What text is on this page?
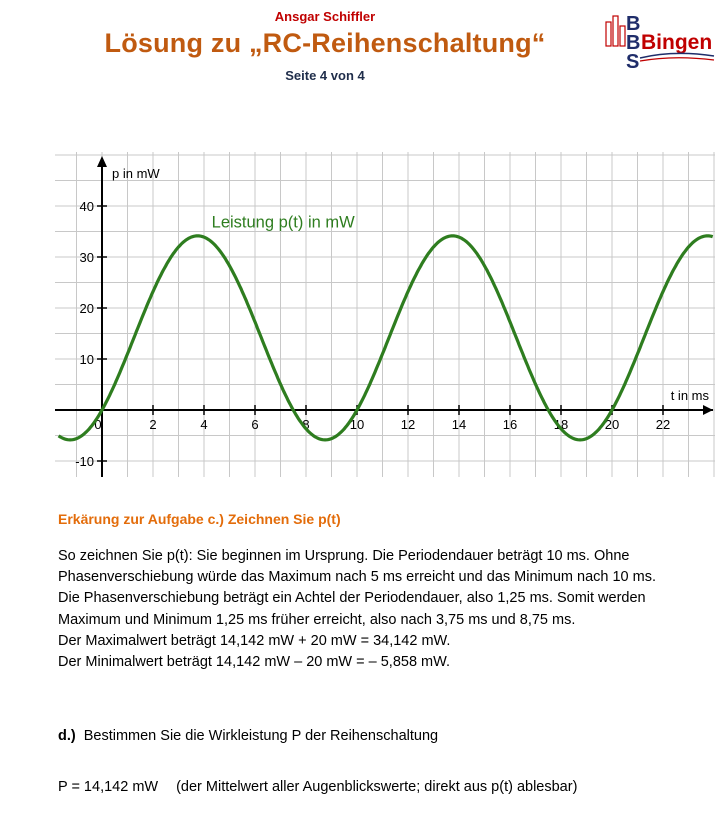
Ansgar Schiffler
Lösung zu „RC-Reihenschaltung“
Seite 4 von 4
B
B
S
Bingen
0	2	4	6	8	10	12	14	16	18	20	22
-10
10
20
30
40
p in mW
t in ms
Leistung p(t) in mW
Erkärung zur Aufgabe c.) Zeichnen Sie p(t)
So zeichnen Sie p(t): Sie beginnen im Ursprung. Die Periodendauer beträgt 10 ms. Ohne
Phasenverschiebung würde das Maximum nach 5 ms erreicht und das Minimum nach 10 ms.
Die Phasenverschiebung beträgt ein Achtel der Periodendauer, also 1,25 ms. Somit werden
Maximum und Minimum 1,25 ms früher erreicht, also nach 3,75 ms und 8,75 ms.
Der Maximalwert beträgt 14,142 mW + 20 mW = 34,142 mW.
Der Minimalwert beträgt 14,142 mW – 20 mW = – 5,858 mW.
d.) Bestimmen Sie die Wirkleistung P der Reihenschaltung
P = 14,142 mW (der Mittelwert aller Augenblickswerte; direkt aus p(t) ablesbar)
